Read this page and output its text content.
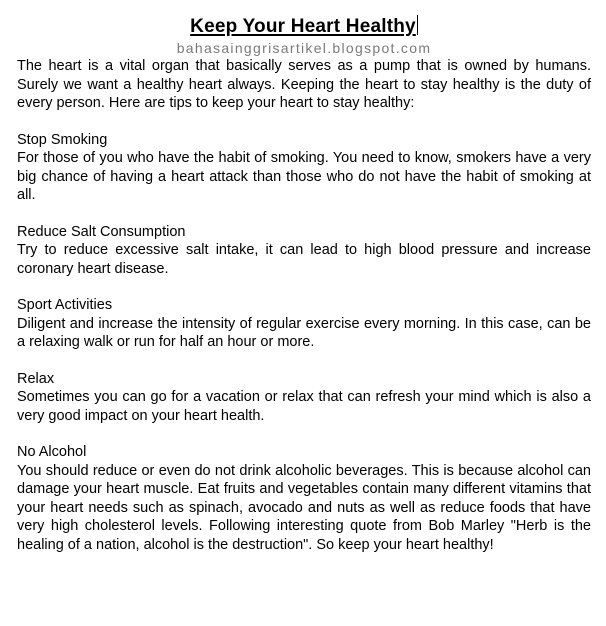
Keep Your Heart Healthy
bahasainggrisartikel.blogspot.com

The heart is a vital organ that basically serves as a pump that is owned by humans. Surely we want a healthy heart always. Keeping the heart to stay healthy is the duty of every person. Here are tips to keep your heart to stay healthy:

Stop Smoking

For those of you who have the habit of smoking. You need to know, smokers have a very big chance of having a heart attack than those who do not have the habit of smoking at all.

Reduce Salt Consumption

Try to reduce excessive salt intake, it can lead to high blood pressure and increase coronary heart disease.

Sport Activities

Diligent and increase the intensity of regular exercise every morning. In this case, can be a relaxing walk or run for half an hour or more.

Relax

Sometimes you can go for a vacation or relax that can refresh your mind which is also a very good impact on your heart health.

No Alcohol

You should reduce or even do not drink alcoholic beverages. This is because alcohol can damage your heart muscle. Eat fruits and vegetables contain many different vitamins that your heart needs such as spinach, avocado and nuts as well as reduce foods that have very high cholesterol levels. Following interesting quote from Bob Marley "Herb is the healing of a nation, alcohol is the destruction". So keep your heart healthy!
